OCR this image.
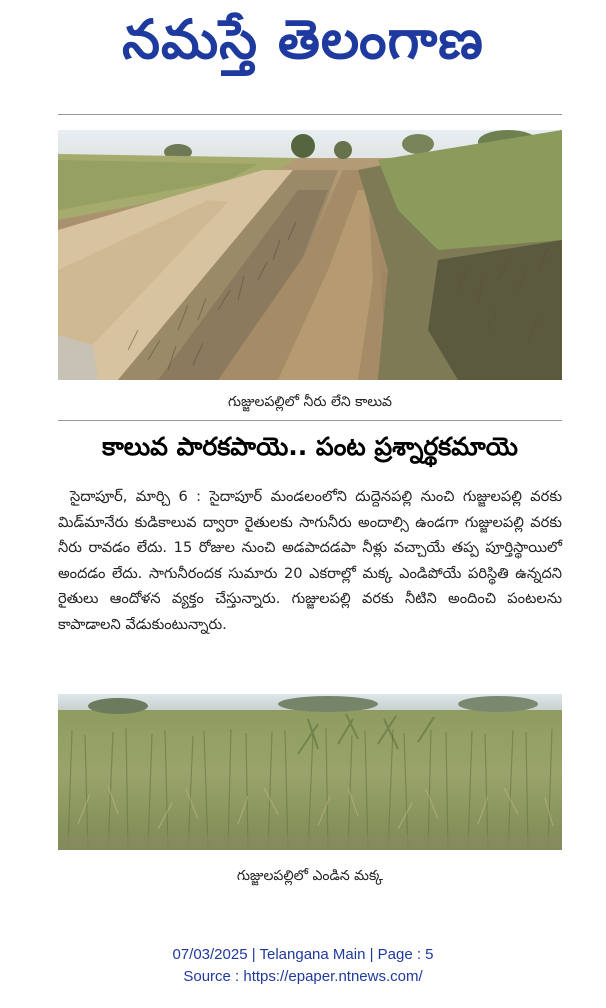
నమస్తే తెలంగాణ
గుజ్జులపల్లిలో నీరు లేని కాలువ
కాలువ పారకపాయె.. పంట ప్రశ్నార్థకమాయె
సైదాపూర్, మార్చి 6 : సైదాపూర్ మండలంలోని దుద్దెనపల్లి నుంచి గుజ్జులపల్లి వరకు మిడ్‌మానేరు కుడికాలువ ద్వారా రైతులకు సాగునీరు అందాల్సి ఉండగా గుజ్జులపల్లి వరకు నీరు రావడం లేదు. 15 రోజుల నుంచి అడపాదడపా నీళ్లు వచ్చాయే తప్ప పూర్తిస్థాయిలో అందడం లేదు. సాగునీరందక సుమారు 20 ఎకరాల్లో మక్క ఎండిపోయే పరిస్థితి ఉన్నదని రైతులు ఆందోళన వ్యక్తం చేస్తున్నారు. గుజ్జులపల్లి వరకు నీటిని అందించి పంటలను కాపాడాలని వేడుకుంటున్నారు.
గుజ్జులపల్లిలో ఎండిన మక్క
07/03/2025 | Telangana Main | Page : 5
Source : https://epaper.ntnews.com/
